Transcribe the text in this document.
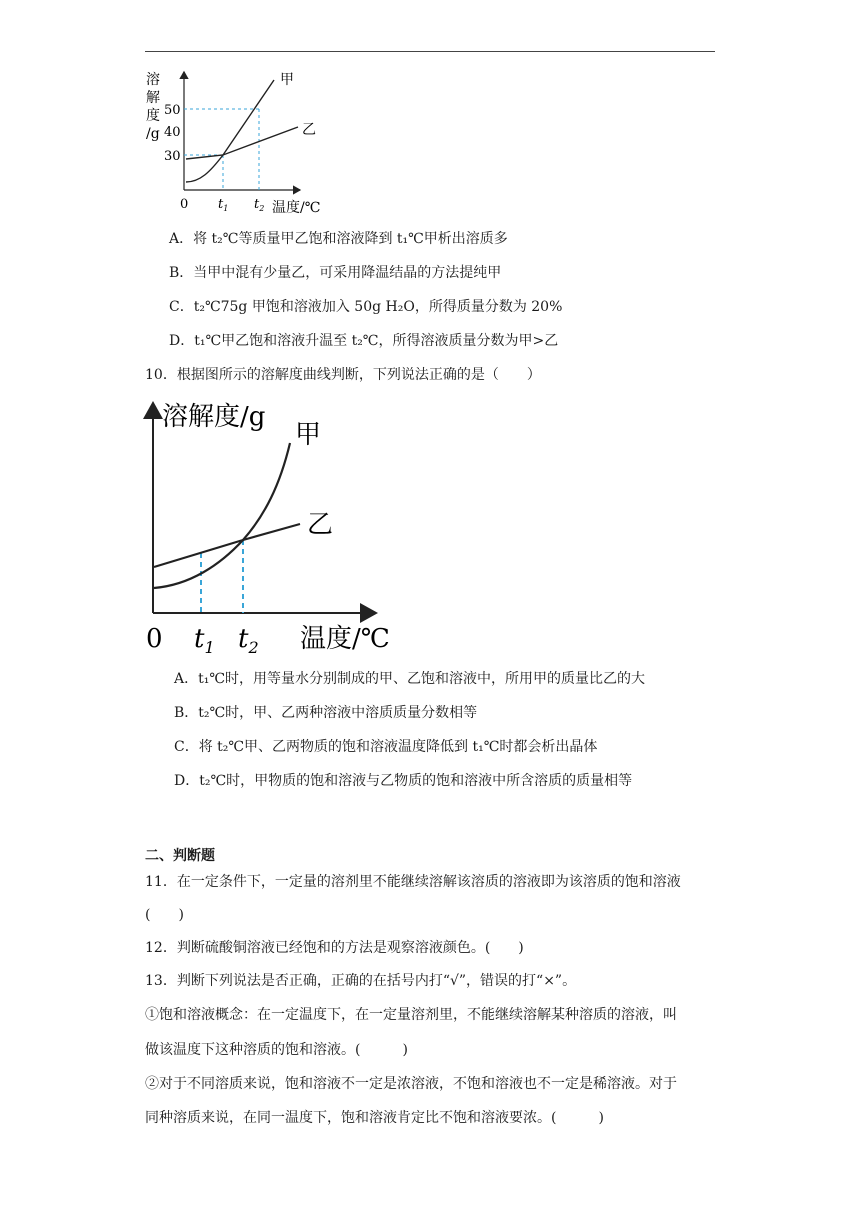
溶
解
度
/g
50
40
30
甲
乙
0 $t_1$ $t_2$ 温度/℃
A．将 t₂℃等质量甲乙饱和溶液降到 t₁℃甲析出溶质多
B．当甲中混有少量乙，可采用降温结晶的方法提纯甲
C．t₂℃75g 甲饱和溶液加入 50g H₂O，所得质量分数为 20%
D．t₁℃甲乙饱和溶液升温至 t₂℃，所得溶液质量分数为甲>乙
10．根据图所示的溶解度曲线判断，下列说法正确的是（　　）
溶解度/g
甲
乙
0 $t_1$ $t_2$ 温度/℃
A．t₁℃时，用等量水分别制成的甲、乙饱和溶液中，所用甲的质量比乙的大
B．t₂℃时，甲、乙两种溶液中溶质质量分数相等
C．将 t₂℃甲、乙两物质的饱和溶液温度降低到 t₁℃时都会析出晶体
D．t₂℃时，甲物质的饱和溶液与乙物质的饱和溶液中所含溶质的质量相等
二、判断题
11．在一定条件下，一定量的溶剂里不能继续溶解该溶质的溶液即为该溶质的饱和溶液
(　　)
12．判断硫酸铜溶液已经饱和的方法是观察溶液颜色。(　　)
13．判断下列说法是否正确，正确的在括号内打“√”，错误的打“×”。
①饱和溶液概念：在一定温度下，在一定量溶剂里，不能继续溶解某种溶质的溶液，叫
做该温度下这种溶质的饱和溶液。(　　　)
②对于不同溶质来说，饱和溶液不一定是浓溶液，不饱和溶液也不一定是稀溶液。对于
同种溶质来说，在同一温度下，饱和溶液肯定比不饱和溶液要浓。(　　　)
